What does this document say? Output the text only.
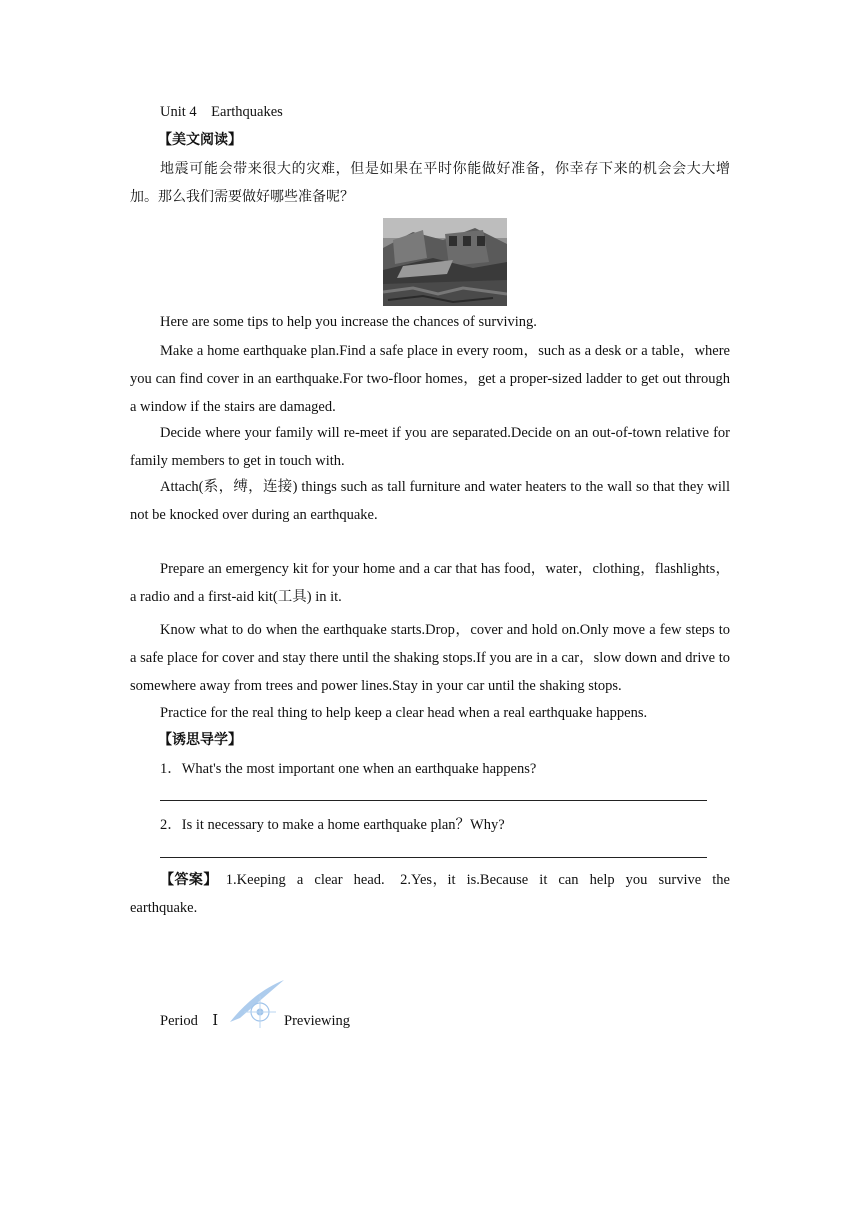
Unit 4　Earthquakes
【美文阅读】
地震可能会带来很大的灾难，但是如果在平时你能做好准备，你幸存下来的机会会大大增加。那么我们需要做好哪些准备呢？
Here are some tips to help you increase the chances of surviving.
Make a home earthquake plan.Find a safe place in every room，such as a desk or a table，where you can find cover in an earthquake.For two-floor homes，get a proper-sized ladder to get out through a window if the stairs are damaged.
Decide where your family will re-meet if you are separated.Decide on an out-of-town relative for family members to get in touch with.
Attach(系，缚，连接) things such as tall furniture and water heaters to the wall so that they will not be knocked over during an earthquake.
Prepare an emergency kit for your home and a car that has food，water，clothing，flashlights，a radio and a first-aid kit(工具) in it.
Know what to do when the earthquake starts.Drop，cover and hold on.Only move a few steps to a safe place for cover and stay there until the shaking stops.If you are in a car，slow down and drive to somewhere away from trees and power lines.Stay in your car until the shaking stops.
Practice for the real thing to help keep a clear head when a real earthquake happens.
【诱思导学】
1．What's the most important one when an earthquake happens?
2．Is it necessary to make a home earthquake plan？Why?
【答案】　1.Keeping a clear head.　2.Yes，it is.Because it can help you survive the earthquake.
Period　Ⅰ	Previewing
